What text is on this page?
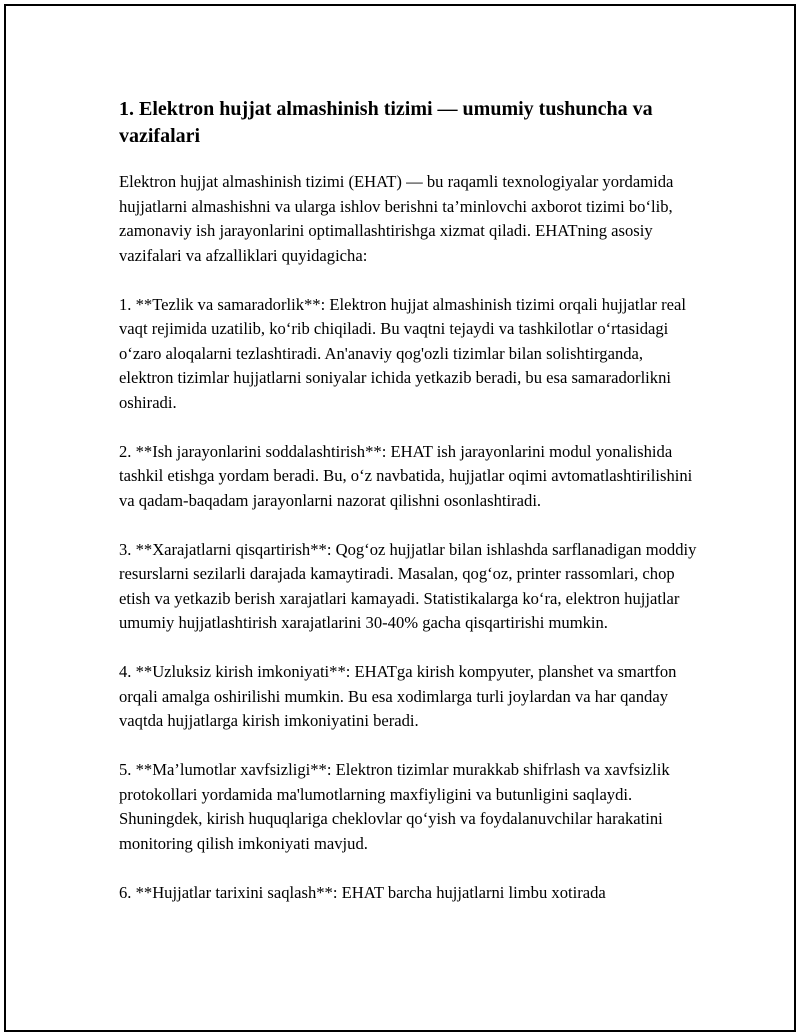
1. Elektron hujjat almashinish tizimi — umumiy tushuncha va vazifalari

Elektron hujjat almashinish tizimi (EHAT) — bu raqamli texnologiyalar yordamida hujjatlarni almashishni va ularga ishlov berishni ta’minlovchi axborot tizimi bo‘lib, zamonaviy ish jarayonlarini optimallashtirishga xizmat qiladi. EHATning asosiy vazifalari va afzalliklari quyidagicha:

1. **Tezlik va samaradorlik**: Elektron hujjat almashinish tizimi orqali hujjatlar real vaqt rejimida uzatilib, ko‘rib chiqiladi. Bu vaqtni tejaydi va tashkilotlar o‘rtasidagi o‘zaro aloqalarni tezlashtiradi. An'anaviy qog'ozli tizimlar bilan solishtirganda, elektron tizimlar hujjatlarni soniyalar ichida yetkazib beradi, bu esa samaradorlikni oshiradi.

2. **Ish jarayonlarini soddalashtirish**: EHAT ish jarayonlarini modul yonalishida tashkil etishga yordam beradi. Bu, o‘z navbatida, hujjatlar oqimi avtomatlashtirilishini va qadam-baqadam jarayonlarni nazorat qilishni osonlashtiradi.

3. **Xarajatlarni qisqartirish**: Qog‘oz hujjatlar bilan ishlashda sarflanadigan moddiy resurslarni sezilarli darajada kamaytiradi. Masalan, qog‘oz, printer rassomlari, chop etish va yetkazib berish xarajatlari kamayadi. Statistikalarga ko‘ra, elektron hujjatlar umumiy hujjatlashtirish xarajatlarini 30-40% gacha qisqartirishi mumkin.

4. **Uzluksiz kirish imkoniyati**: EHATga kirish kompyuter, planshet va smartfon orqali amalga oshirilishi mumkin. Bu esa xodimlarga turli joylardan va har qanday vaqtda hujjatlarga kirish imkoniyatini beradi.

5. **Ma’lumotlar xavfsizligi**: Elektron tizimlar murakkab shifrlash va xavfsizlik protokollari yordamida ma'lumotlarning maxfiyligini va butunligini saqlaydi. Shuningdek, kirish huquqlariga cheklovlar qo‘yish va foydalanuvchilar harakatini monitoring qilish imkoniyati mavjud.

6. **Hujjatlar tarixini saqlash**: EHAT barcha hujjatlarni limbu xotirada
